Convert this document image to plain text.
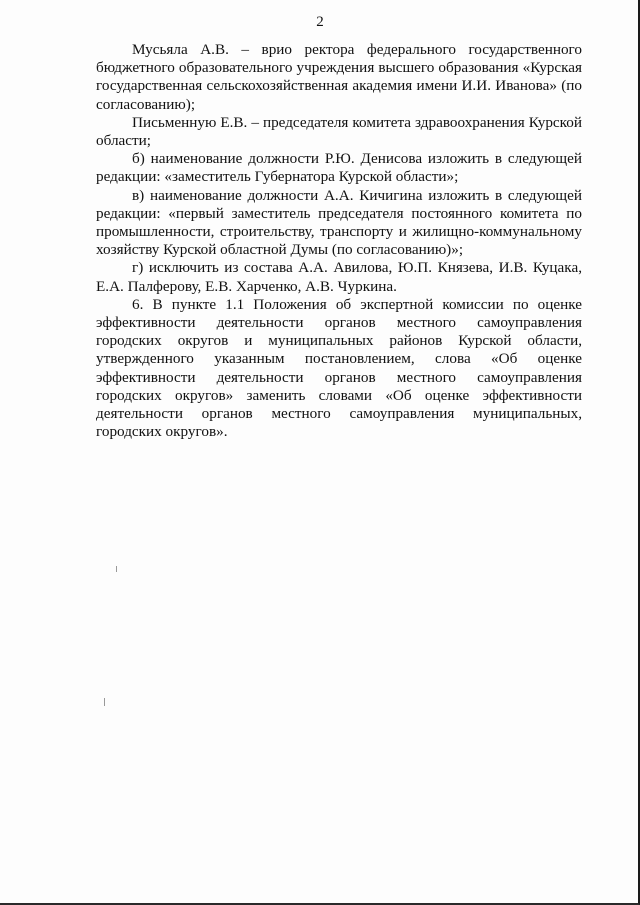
2

Мусьяла А.В. – врио ректора федерального государственного бюджетного образовательного учреждения высшего образования «Курская государственная сельскохозяйственная академия имени И.И. Иванова» (по согласованию);

Письменную Е.В. – председателя комитета здравоохранения Курской области;

б) наименование должности Р.Ю. Денисова изложить в следующей редакции: «заместитель Губернатора Курской области»;

в) наименование должности А.А. Кичигина изложить в следующей редакции: «первый заместитель председателя постоянного комитета по промышленности, строительству, транспорту и жилищно-коммунальному хозяйству Курской областной Думы (по согласованию)»;

г) исключить из состава А.А. Авилова, Ю.П. Князева, И.В. Куцака, Е.А. Палферову, Е.В. Харченко, А.В. Чуркина.

6. В пункте 1.1 Положения об экспертной комиссии по оценке эффективности деятельности органов местного самоуправления городских округов и муниципальных районов Курской области, утвержденного указанным постановлением, слова «Об оценке эффективности деятельности органов местного самоуправления городских округов» заменить словами «Об оценке эффективности деятельности органов местного самоуправления муниципальных, городских округов».
